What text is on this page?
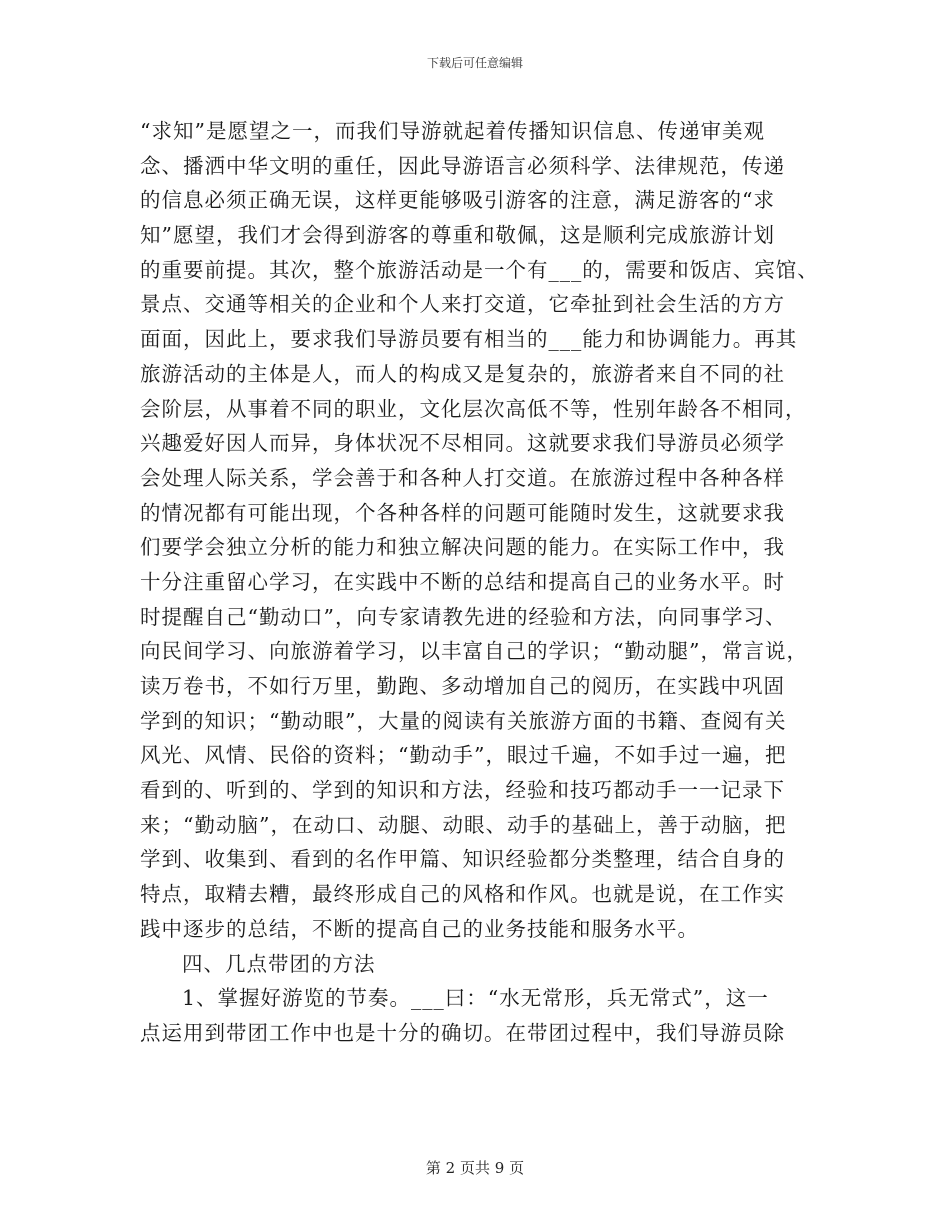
下载后可任意编辑
“求知”是愿望之一，而我们导游就起着传播知识信息、传递审美观
念、播洒中华文明的重任，因此导游语言必须科学、法律规范，传递
的信息必须正确无误，这样更能够吸引游客的注意，满足游客的“求
知”愿望，我们才会得到游客的尊重和敬佩，这是顺利完成旅游计划
的重要前提。其次，整个旅游活动是一个有___的，需要和饭店、宾馆、
景点、交通等相关的企业和个人来打交道，它牵扯到社会生活的方方
面面，因此上，要求我们导游员要有相当的___能力和协调能力。再其
旅游活动的主体是人，而人的构成又是复杂的，旅游者来自不同的社
会阶层，从事着不同的职业，文化层次高低不等，性别年龄各不相同，
兴趣爱好因人而异，身体状况不尽相同。这就要求我们导游员必须学
会处理人际关系，学会善于和各种人打交道。在旅游过程中各种各样
的情况都有可能出现，个各种各样的问题可能随时发生，这就要求我
们要学会独立分析的能力和独立解决问题的能力。在实际工作中，我
十分注重留心学习，在实践中不断的总结和提高自己的业务水平。时
时提醒自己“勤动口”，向专家请教先进的经验和方法，向同事学习、
向民间学习、向旅游着学习，以丰富自己的学识；“勤动腿”，常言说，
读万卷书，不如行万里，勤跑、多动增加自己的阅历，在实践中巩固
学到的知识；“勤动眼”，大量的阅读有关旅游方面的书籍、查阅有关
风光、风情、民俗的资料；“勤动手”，眼过千遍，不如手过一遍，把
看到的、听到的、学到的知识和方法，经验和技巧都动手一一记录下
来；“勤动脑”，在动口、动腿、动眼、动手的基础上，善于动脑，把
学到、收集到、看到的名作甲篇、知识经验都分类整理，结合自身的
特点，取精去糟，最终形成自己的风格和作风。也就是说，在工作实
践中逐步的总结，不断的提高自己的业务技能和服务水平。
四、几点带团的方法
1、掌握好游览的节奏。___曰：“水无常形，兵无常式”，这一
点运用到带团工作中也是十分的确切。在带团过程中，我们导游员除
第 2 页共 9 页
